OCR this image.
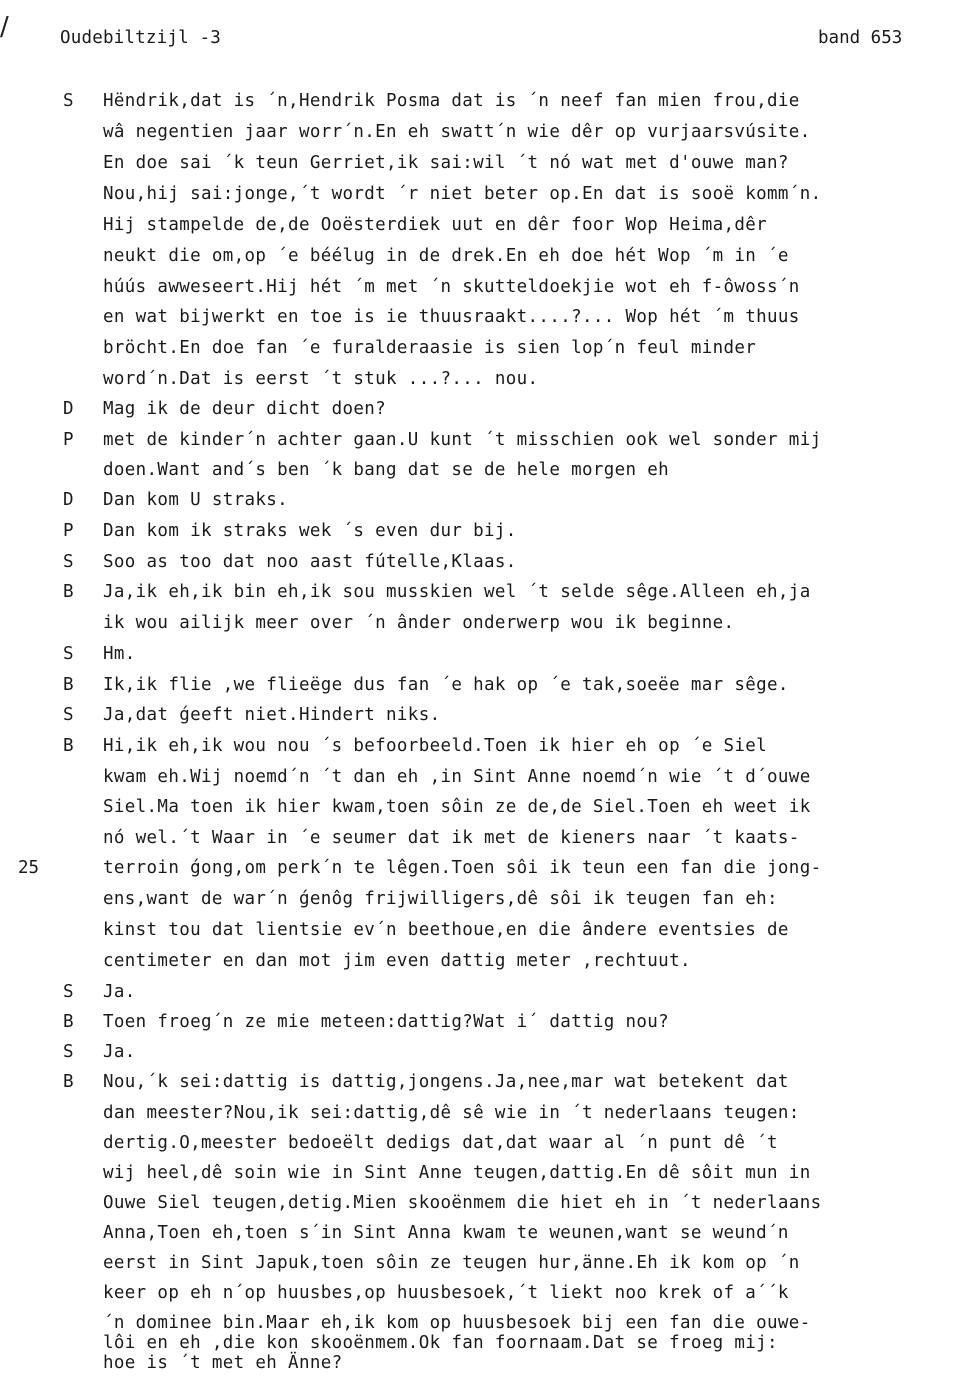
/	Oudebiltzijl -3	band 653
25
S
D
P
D
P
S
B
S
B
S
B
S
B
S
B
Hëndrik,dat is ´n,Hendrik Posma dat is ´n neef fan mien frou,die
wâ negentien jaar worr´n.En eh swatt´n wie dêr op vurjaarsvúsite.
En doe sai ´k teun Gerriet,ik sai:wil ´t nó wat met d'ouwe man?
Nou,hij sai:jonge,´t wordt ´r niet beter op.En dat is sooë komm´n.
Hij stampelde de,de Ooësterdiek uut en dêr foor Wop Heima,dêr
neukt die om,op ´e béélug in de drek.En eh doe hét Wop ´m in ´e
húús awweseert.Hij hét ´m met ´n skutteldoekjie wot eh f-ôwoss´n
en wat bijwerkt en toe is ie thuusraakt....?... Wop hét ´m thuus
bröcht.En doe fan ´e furalderaasie is sien lop´n feul minder
word´n.Dat is eerst ´t stuk ...?... nou.
Mag ik de deur dicht doen?
met de kinder´n achter gaan.U kunt ´t misschien ook wel sonder mij
doen.Want and´s ben ´k bang dat se de hele morgen eh
Dan kom U straks.
Dan kom ik straks wek ´s even dur bij.
Soo as too dat noo aast fútelle,Klaas.
Ja,ik eh,ik bin eh,ik sou musskien wel ´t selde sêge.Alleen eh,ja
ik wou ailijk meer over ´n ânder onderwerp wou ik beginne.
Hm.
Ik,ik flie ,we flieëge dus fan ´e hak op ´e tak,soeëe mar sêge.
Ja,dat ǵeeft niet.Hindert niks.
Hi,ik eh,ik wou nou ´s befoorbeeld.Toen ik hier eh op ´e Siel
kwam eh.Wij noemd´n ´t dan eh ,in Sint Anne noemd´n wie ´t d´ouwe
Siel.Ma toen ik hier kwam,toen sôin ze de,de Siel.Toen eh weet ik
nó wel.´t Waar in ´e seumer dat ik met de kieners naar ´t kaats-
terroin ǵong,om perk´n te lêgen.Toen sôi ik teun een fan die jong-
ens,want de war´n ǵenôg frijwilligers,dê sôi ik teugen fan eh:
kinst tou dat lientsie ev´n beethoue,en die ândere eventsies de
centimeter en dan mot jim even dattig meter ,rechtuut.
Ja.
Toen froeg´n ze mie meteen:dattig?Wat i´ dattig nou?
Ja.
Nou,´k sei:dattig is dattig,jongens.Ja,nee,mar wat betekent dat
dan meester?Nou,ik sei:dattig,dê sê wie in ´t nederlaans teugen:
dertig.O,meester bedoeëlt dedigs dat,dat waar al ´n punt dê ´t
wij heel,dê soin wie in Sint Anne teugen,dattig.En dê sôit mun in
Ouwe Siel teugen,detig.Mien skooënmem die hiet eh in ´t nederlaans
Anna,Toen eh,toen s´in Sint Anna kwam te weunen,want se weund´n
eerst in Sint Japuk,toen sôin ze teugen hur,änne.Eh ik kom op ´n
keer op eh n´op huusbes,op huusbesoek,´t liekt noo krek of a´´k
´n dominee bin.Maar eh,ik kom op huusbesoek bij een fan die ouwe-
lôi en eh ,die kon skooënmem.Ok fan foornaam.Dat se froeg mij:
hoe is ´t met eh Änne?
